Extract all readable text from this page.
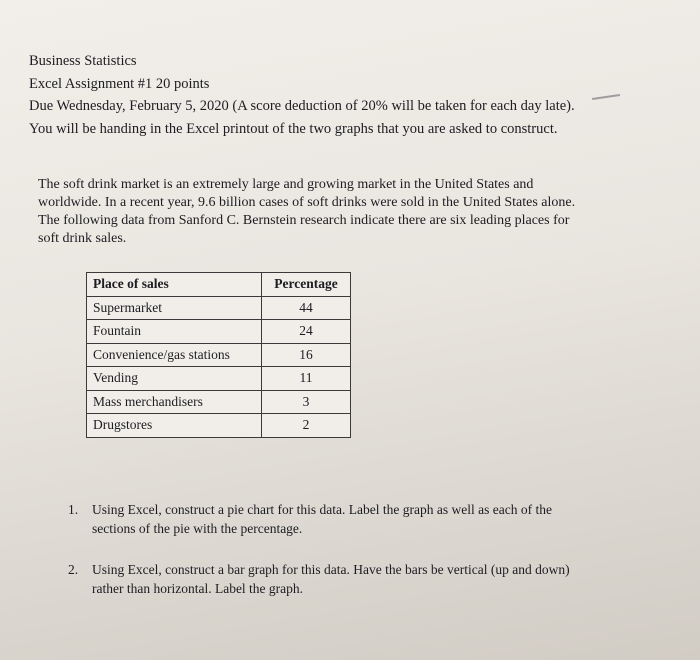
Business Statistics
Excel Assignment #1 20 points
Due Wednesday, February 5, 2020 (A score deduction of 20% will be taken for each day late).
You will be handing in the Excel printout of the two graphs that you are asked to construct.
The soft drink market is an extremely large and growing market in the United States and
worldwide. In a recent year, 9.6 billion cases of soft drinks were sold in the United States alone.
The following data from Sanford C. Bernstein research indicate there are six leading places for
soft drink sales.
Place of sales	Percentage
Supermarket	44
Fountain	24
Convenience/gas stations	16
Vending	11
Mass merchandisers	3
Drugstores	2
1. Using Excel, construct a pie chart for this data. Label the graph as well as each of the
sections of the pie with the percentage.
2. Using Excel, construct a bar graph for this data. Have the bars be vertical (up and down)
rather than horizontal. Label the graph.
